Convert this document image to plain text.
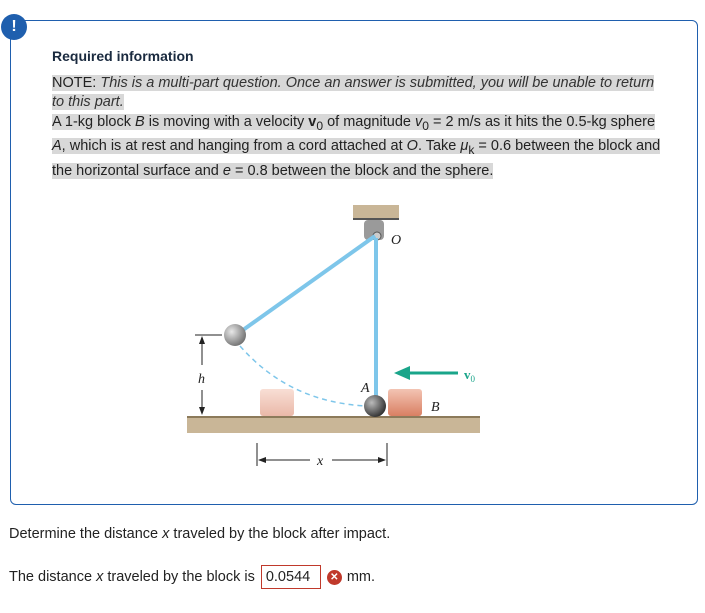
!
Required information
NOTE: This is a multi-part question. Once an answer is submitted, you will be unable to return to this part.
A 1-kg block B is moving with a velocity $v_0$ of magnitude $v_0 = 2$ m/s as it hits the 0.5-kg sphere A, which is at rest and hanging from a cord attached at O. Take $\mu_k = 0.6$ between the block and the horizontal surface and e = 0.8 between the block and the sphere.
O
A
B
$v_0$
h
x
Determine the distance x traveled by the block after impact.
The distance
x
traveled by the block is 0.0544	✕ mm.
